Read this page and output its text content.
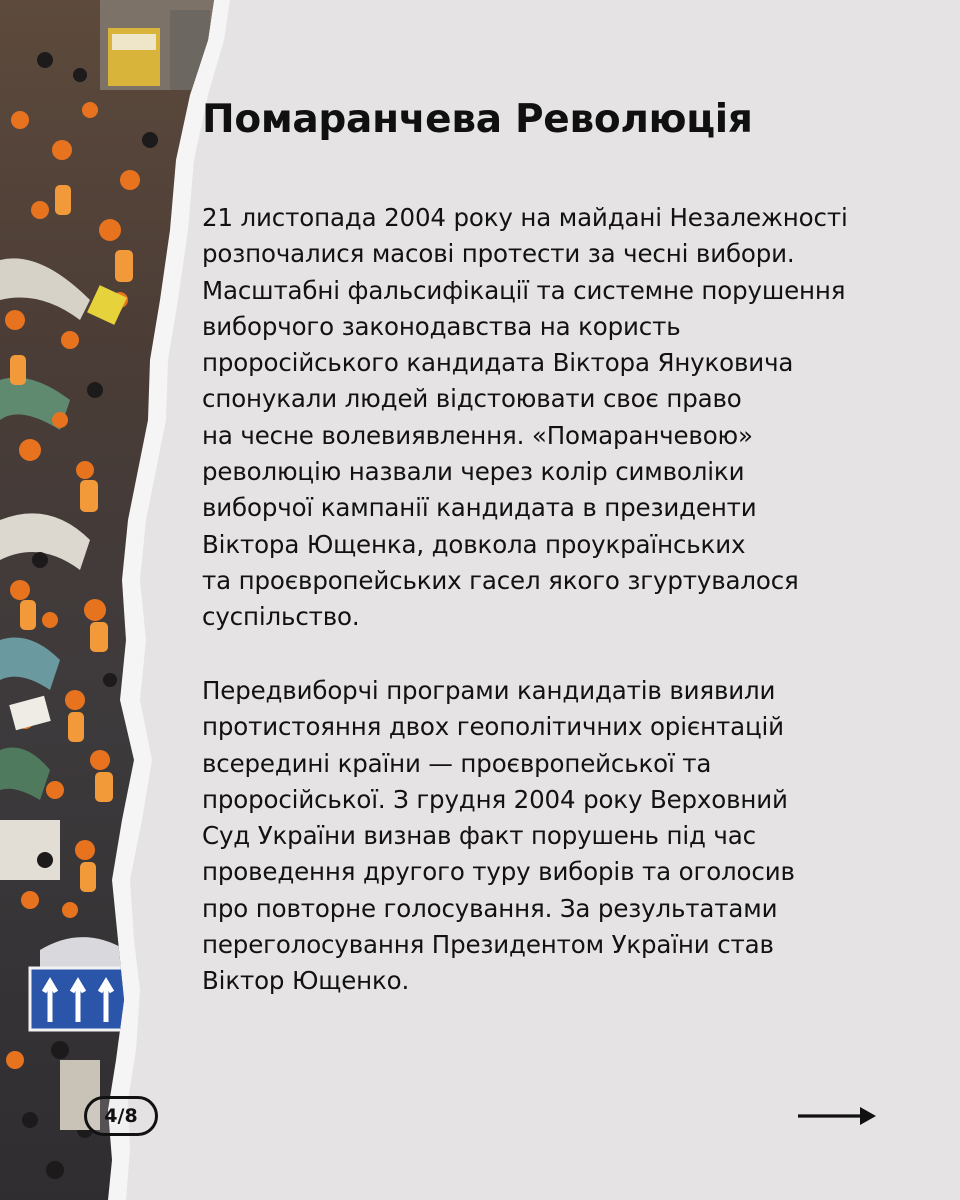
Помаранчева Революція

21 листопада 2004 року на майдані Незалежності
розпочалися масові протести за чесні вибори.
Масштабні фальсифікації та системне порушення
виборчого законодавства на користь
проросійського кандидата Віктора Януковича
спонукали людей відстоювати своє право
на чесне волевиявлення. «Помаранчевою»
революцію назвали через колір символіки
виборчої кампанії кандидата в президенти
Віктора Ющенка, довкола проукраїнських
та проєвропейських гасел якого згуртувалося
суспільство.

Передвиборчі програми кандидатів виявили
протистояння двох геополітичних орієнтацій
всередині країни — проєвропейської та
проросійської. З грудня 2004 року Верховний
Суд України визнав факт порушень під час
проведення другого туру виборів та оголосив
про повторне голосування. За результатами
переголосування Президентом України став
Віктор Ющенко.

4/8
